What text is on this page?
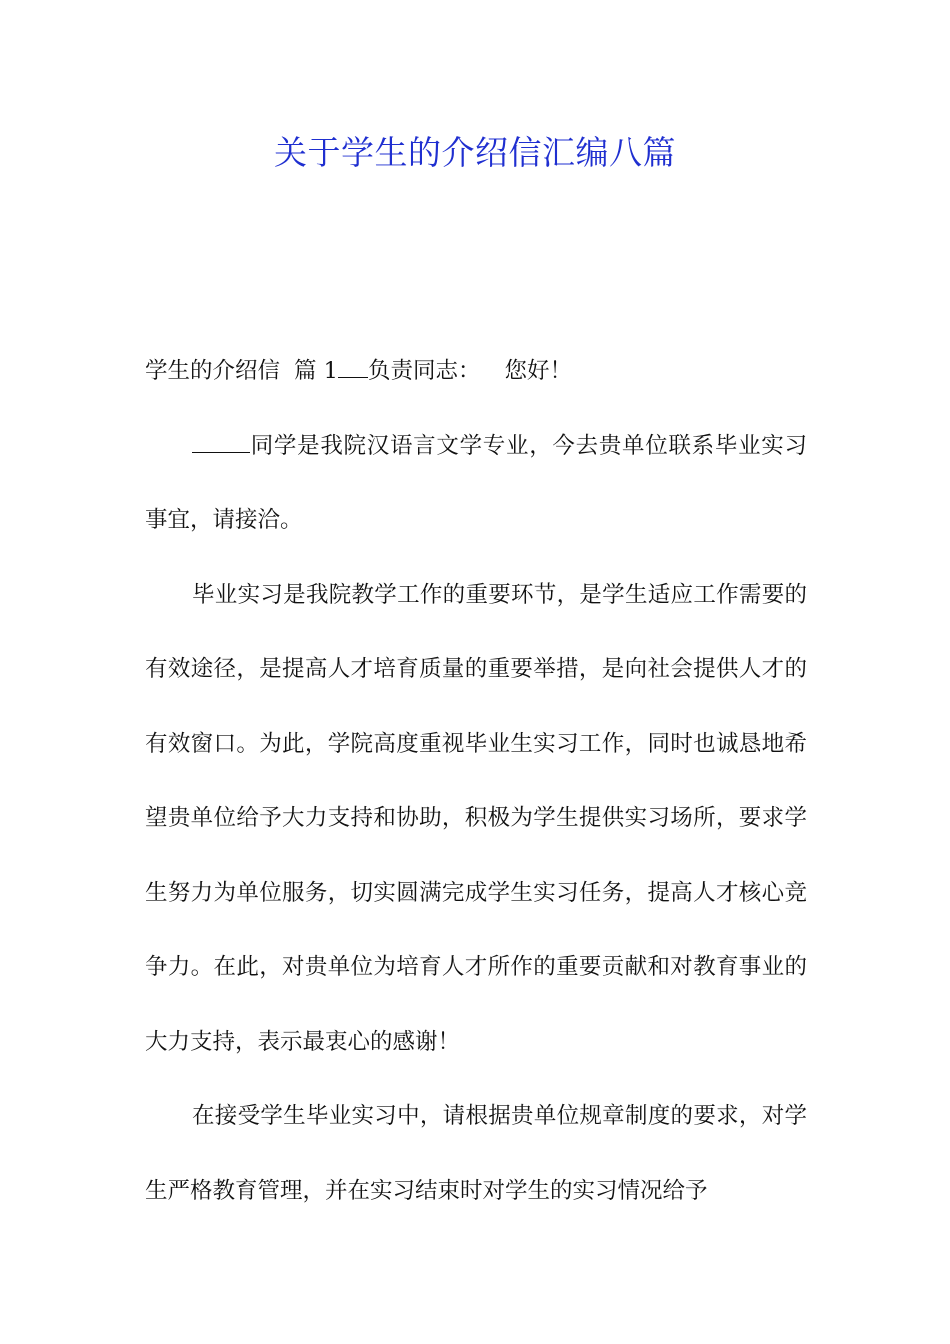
关于学生的介绍信汇编八篇

学生的介绍信 篇 1 负责同志： 您好！

同学是我院汉语言文学专业，今去贵单位联系毕业实习事宜，请接洽。

毕业实习是我院教学工作的重要环节，是学生适应工作需要的有效途径，是提高人才培育质量的重要举措，是向社会提供人才的有效窗口。为此，学院高度重视毕业生实习工作，同时也诚恳地希望贵单位给予大力支持和协助，积极为学生提供实习场所，要求学生努力为单位服务，切实圆满完成学生实习任务，提高人才核心竞争力。在此，对贵单位为培育人才所作的重要贡献和对教育事业的大力支持，表示最衷心的感谢！

在接受学生毕业实习中，请根据贵单位规章制度的要求，对学生严格教育管理，并在实习结束时对学生的实习情况给予
